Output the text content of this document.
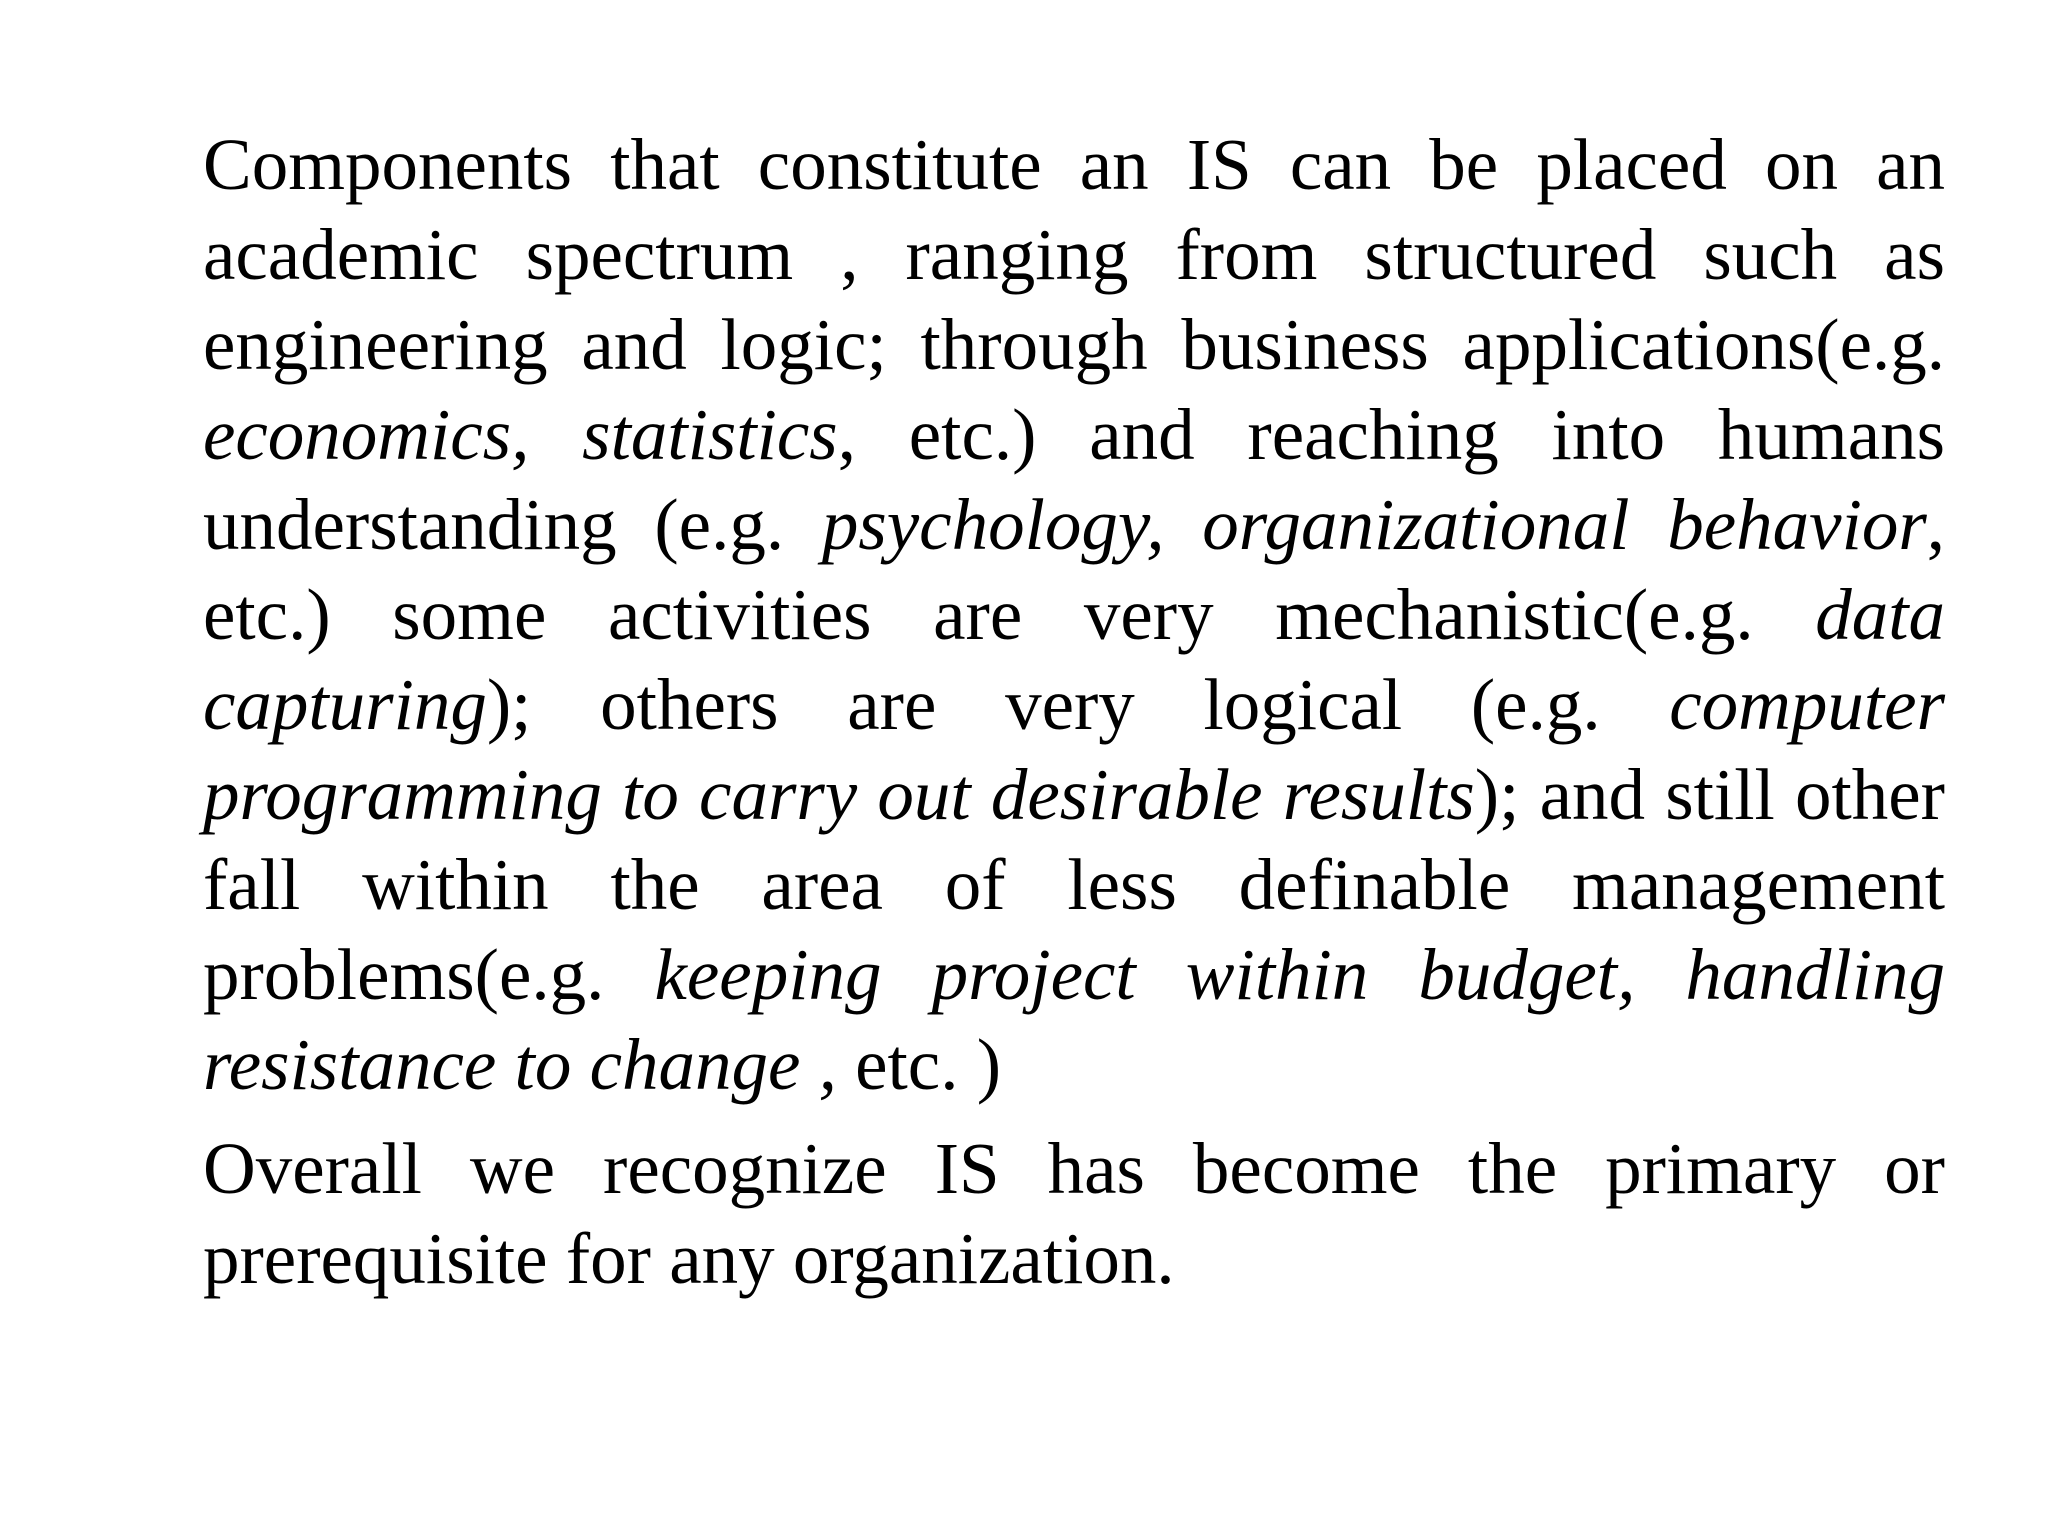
Components that constitute an IS can be placed on an academic spectrum , ranging from structured such as engineering and logic; through business applications(e.g. economics, statistics, etc.) and reaching into humans understanding (e.g. psychology, organizational behavior, etc.) some activities are very mechanistic(e.g. data capturing); others are very logical (e.g. computer programming to carry out desirable results); and still other fall within the area of less definable management problems(e.g. keeping project within budget, handling resistance to change , etc. )

Overall we recognize IS has become the primary or prerequisite for any organization.
